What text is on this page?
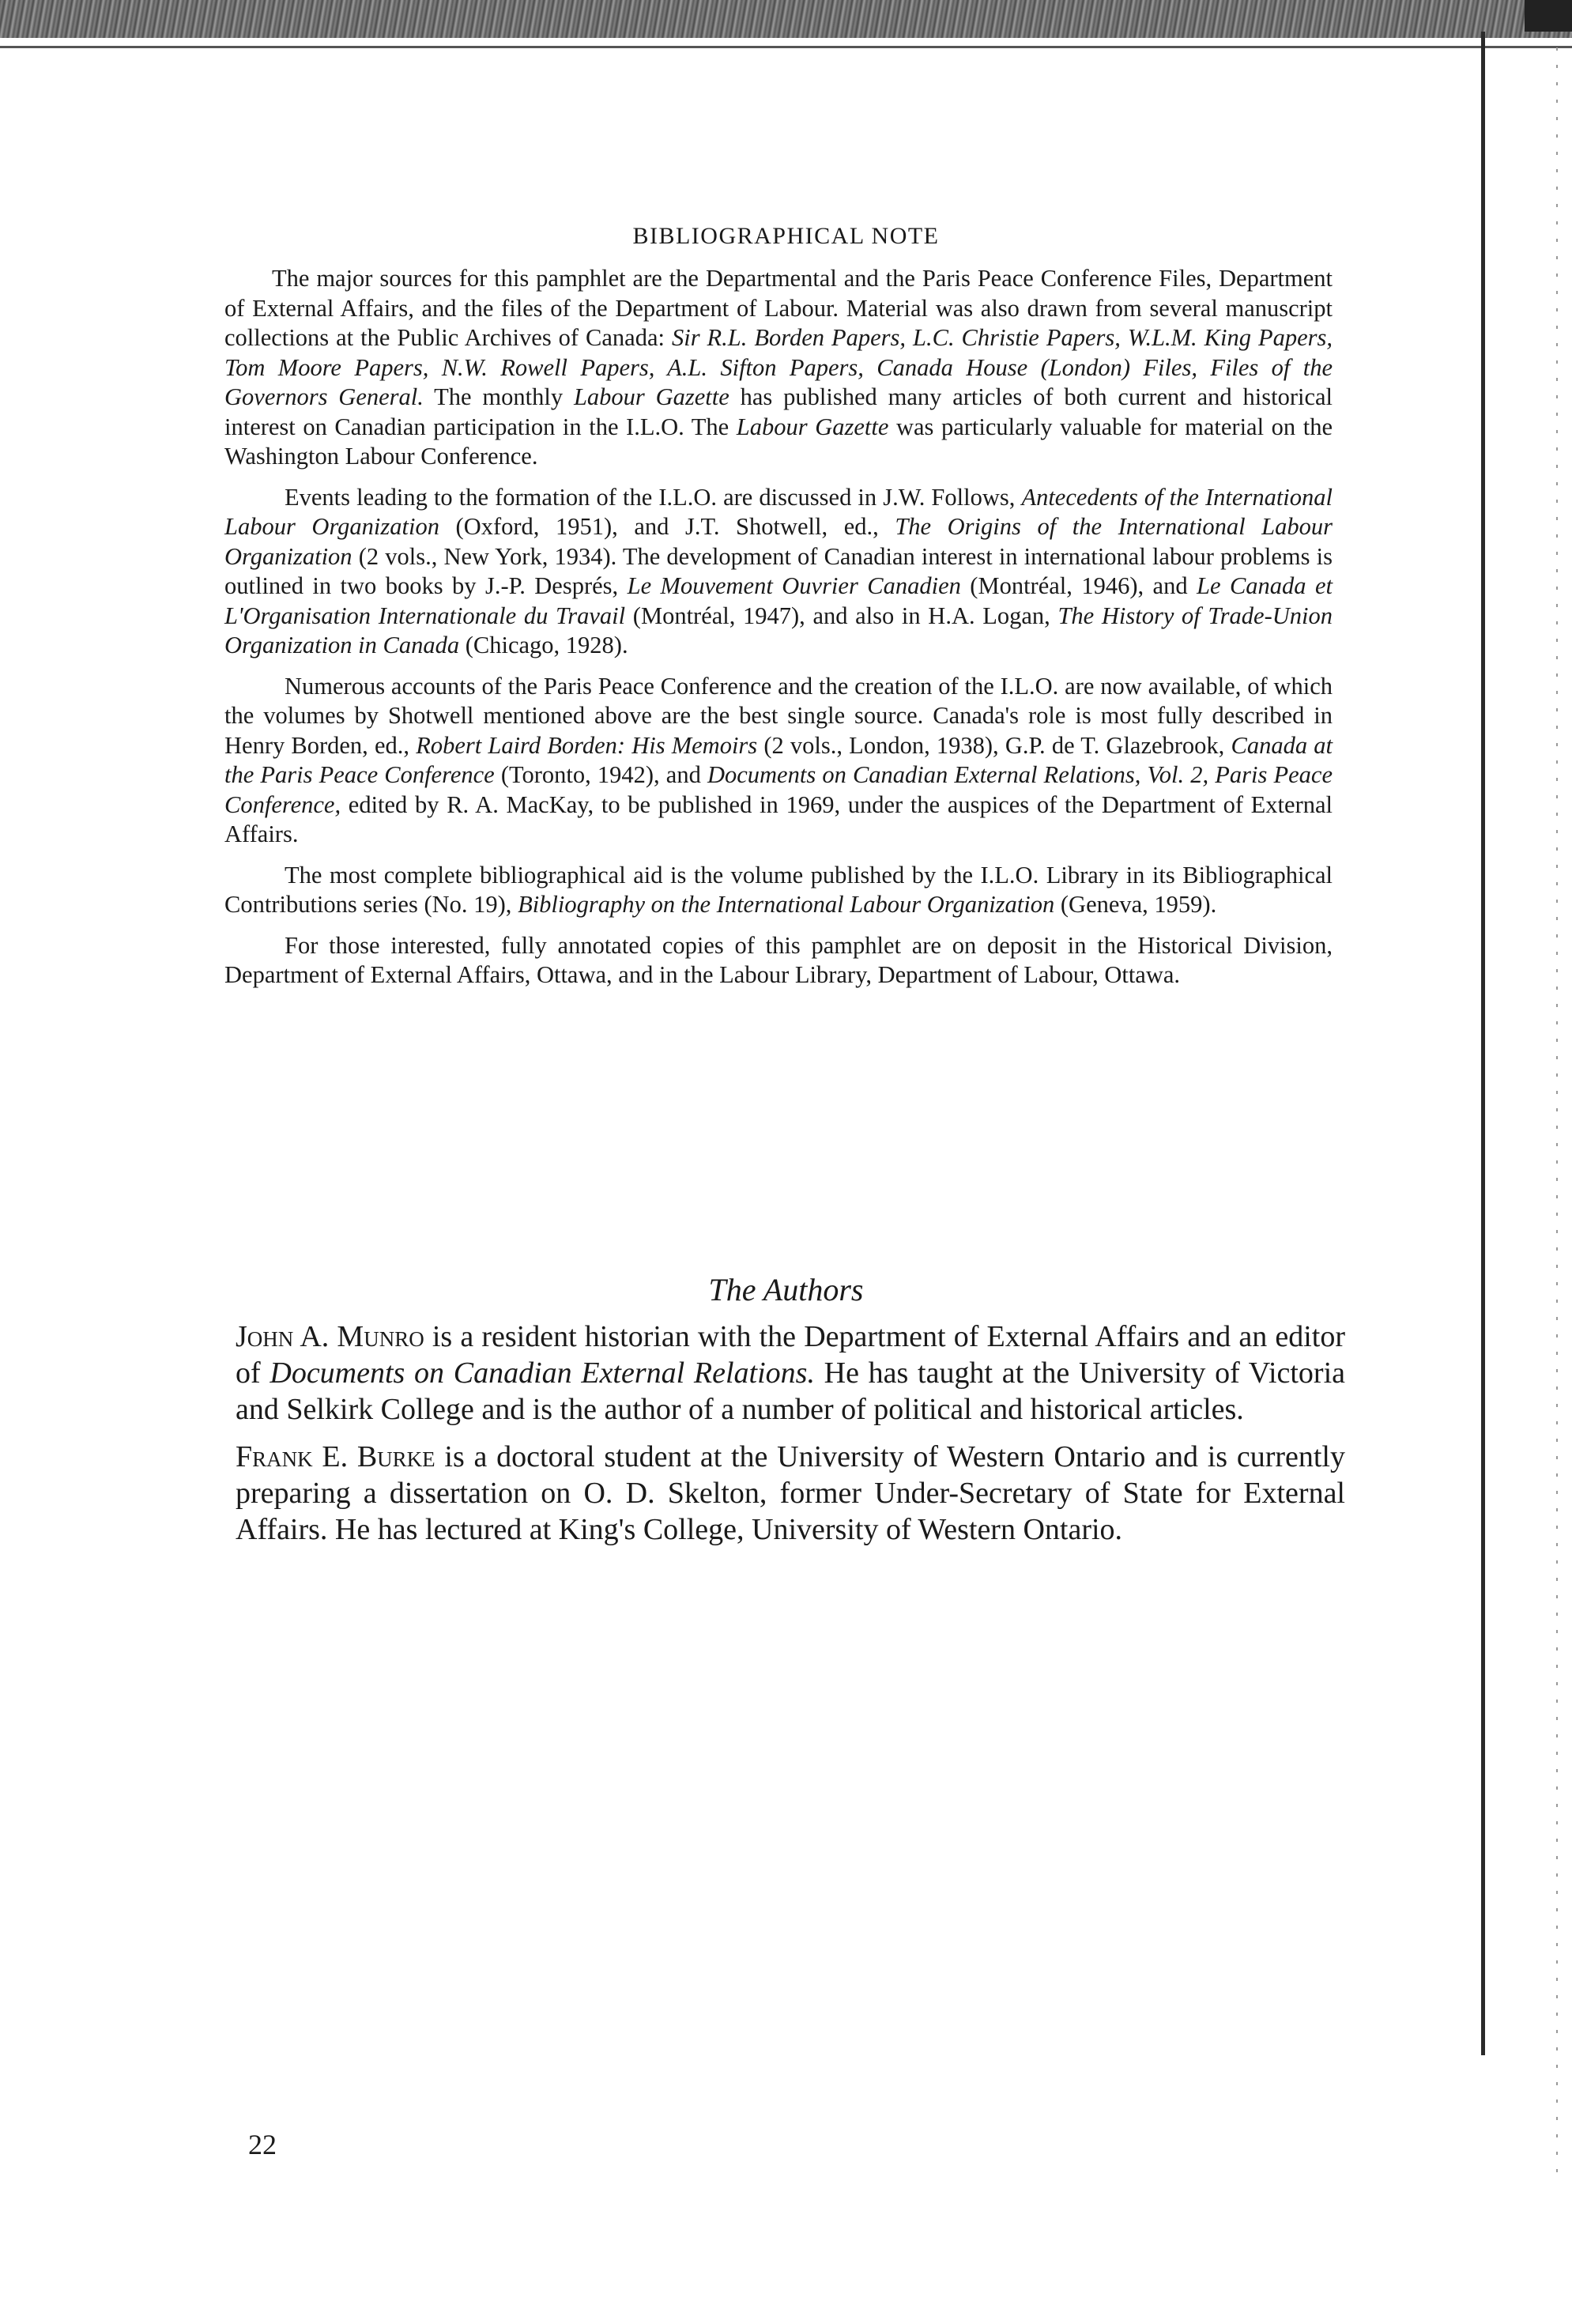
BIBLIOGRAPHICAL NOTE

The major sources for this pamphlet are the Departmental and the Paris Peace Conference Files, Department of External Affairs, and the files of the Department of Labour. Material was also drawn from several manuscript collections at the Public Archives of Canada: Sir R.L. Borden Papers, L.C. Christie Papers, W.L.M. King Papers, Tom Moore Papers, N.W. Rowell Papers, A.L. Sifton Papers, Canada House (London) Files, Files of the Governors General. The monthly Labour Gazette has published many articles of both current and historical interest on Canadian participation in the I.L.O. The Labour Gazette was particularly valuable for material on the Washington Labour Conference.

Events leading to the formation of the I.L.O. are discussed in J.W. Follows, Antecedents of the International Labour Organization (Oxford, 1951), and J.T. Shotwell, ed., The Origins of the International Labour Organization (2 vols., New York, 1934). The development of Canadian interest in international labour problems is outlined in two books by J.-P. Després, Le Mouvement Ouvrier Canadien (Montréal, 1946), and Le Canada et L'Organisation Internationale du Travail (Montréal, 1947), and also in H.A. Logan, The History of Trade-Union Organization in Canada (Chicago, 1928).

Numerous accounts of the Paris Peace Conference and the creation of the I.L.O. are now available, of which the volumes by Shotwell mentioned above are the best single source. Canada's role is most fully described in Henry Borden, ed., Robert Laird Borden: His Memoirs (2 vols., London, 1938), G.P. de T. Glazebrook, Canada at the Paris Peace Conference (Toronto, 1942), and Documents on Canadian External Relations, Vol. 2, Paris Peace Conference, edited by R. A. MacKay, to be published in 1969, under the auspices of the Department of External Affairs.

The most complete bibliographical aid is the volume published by the I.L.O. Library in its Bibliographical Contributions series (No. 19), Bibliography on the International Labour Organization (Geneva, 1959).

For those interested, fully annotated copies of this pamphlet are on deposit in the Historical Division, Department of External Affairs, Ottawa, and in the Labour Library, Department of Labour, Ottawa.

The Authors

John A. Munro is a resident historian with the Department of External Affairs and an editor of Documents on Canadian External Relations. He has taught at the University of Victoria and Selkirk College and is the author of a number of political and historical articles.

Frank E. Burke is a doctoral student at the University of Western Ontario and is currently preparing a dissertation on O. D. Skelton, former Under-Secretary of State for External Affairs. He has lectured at King's College, University of Western Ontario.

22
